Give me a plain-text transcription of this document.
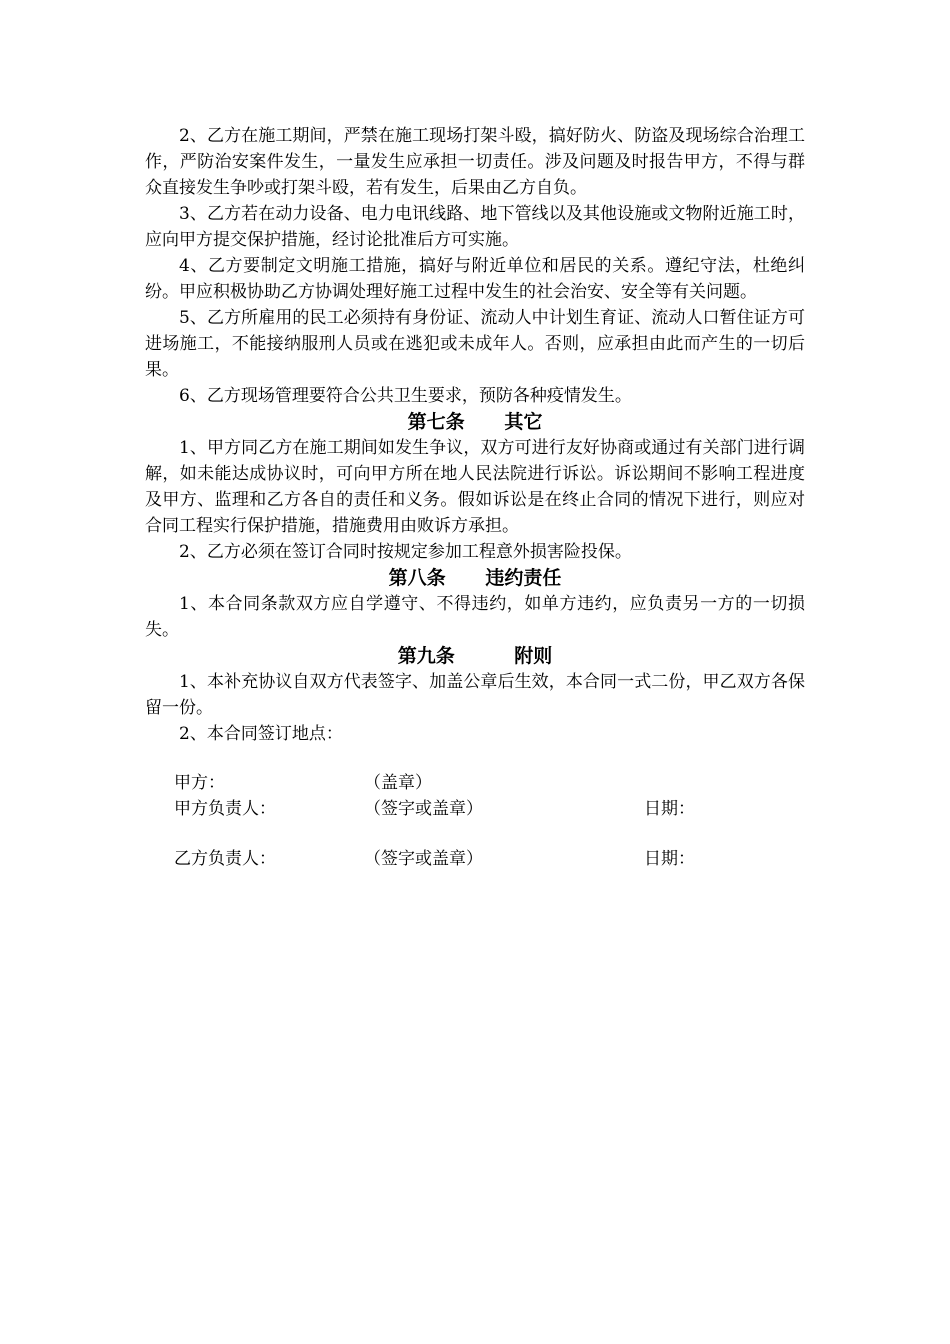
2、乙方在施工期间，严禁在施工现场打架斗殴，搞好防火、防盗及现场综合治理工作，严防治安案件发生，一量发生应承担一切责任。涉及问题及时报告甲方，不得与群众直接发生争吵或打架斗殴，若有发生，后果由乙方自负。

3、乙方若在动力设备、电力电讯线路、地下管线以及其他设施或文物附近施工时，应向甲方提交保护措施，经讨论批准后方可实施。

4、乙方要制定文明施工措施，搞好与附近单位和居民的关系。遵纪守法，杜绝纠纷。甲应积极协助乙方协调处理好施工过程中发生的社会治安、安全等有关问题。

5、乙方所雇用的民工必须持有身份证、流动人中计划生育证、流动人口暂住证方可进场施工，不能接纳服刑人员或在逃犯或未成年人。否则，应承担由此而产生的一切后果。

6、乙方现场管理要符合公共卫生要求，预防各种疫情发生。

第七条      其它

1、甲方同乙方在施工期间如发生争议，双方可进行友好协商或通过有关部门进行调解，如未能达成协议时，可向甲方所在地人民法院进行诉讼。诉讼期间不影响工程进度及甲方、监理和乙方各自的责任和义务。假如诉讼是在终止合同的情况下进行，则应对合同工程实行保护措施，措施费用由败诉方承担。

2、乙方必须在签订合同时按规定参加工程意外损害险投保。

第八条      违约责任

1、本合同条款双方应自学遵守、不得违约，如单方违约，应负责另一方的一切损失。

第九条         附则

1、本补充协议自双方代表签字、加盖公章后生效，本合同一式二份，甲乙双方各保留一份。

2、本合同签订地点：

甲方：	（盖章）
甲方负责人：	（签字或盖章）	日期：
乙方负责人：	（签字或盖章）	日期：
